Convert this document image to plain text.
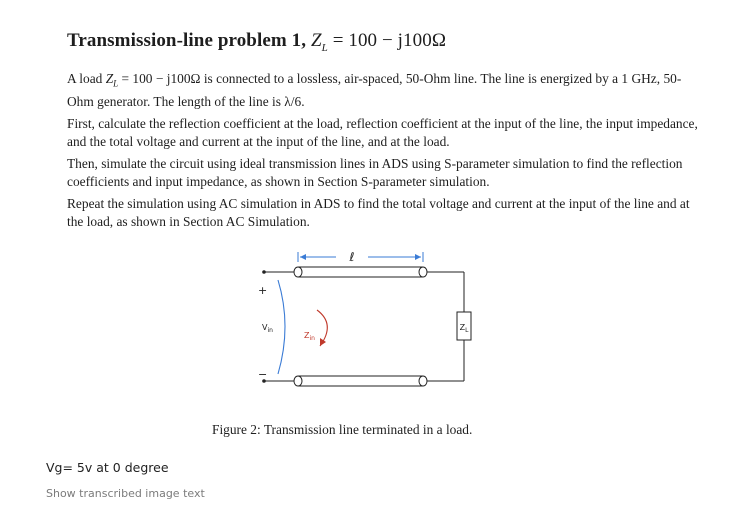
Transmission-line problem 1, $Z_L = 100 - j100\Omega$

A load $Z_L = 100 - j100\Omega$ is connected to a lossless, air-spaced, 50-Ohm line. The line is energized by a 1 GHz, 50-Ohm generator. The length of the line is λ/6.

First, calculate the reflection coefficient at the load, reflection coefficient at the input of the line, the input impedance, and the total voltage and current at the input of the line, and at the load.

Then, simulate the circuit using ideal transmission lines in ADS using S-parameter simulation to find the reflection coefficients and input impedance, as shown in Section S-parameter simulation.

Repeat the simulation using AC simulation in ADS to find the total voltage and current at the input of the line and at the load, as shown in Section AC Simulation.

ℓ
$Z_L$
+
−
$V_{in}$
$Z_{in}$
Figure 2: Transmission line terminated in a load.
Vg= 5v at 0 degree
Show transcribed image text
